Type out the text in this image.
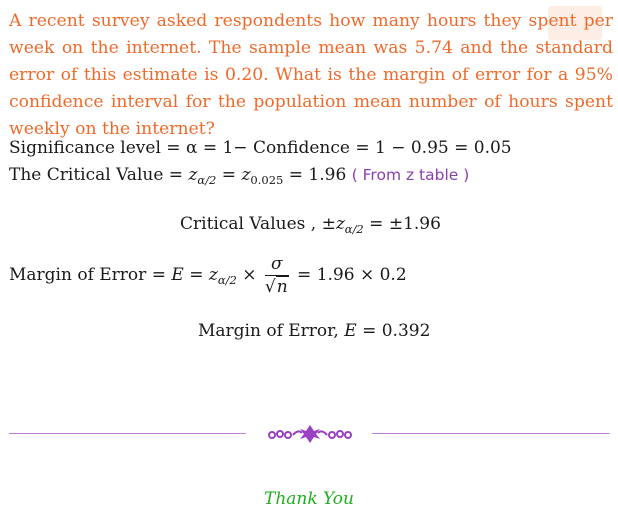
A recent survey asked respondents how many hours they spent per week on the internet. The sample mean was 5.74 and the standard error of this estimate is 0.20. What is the margin of error for a 95% confidence interval for the population mean number of hours spent weekly on the internet?
Significance level = α = 1− Confidence = 1 − 0.95 = 0.05
The Critical Value = $z_{\alpha/2} = z_{0.025} = 1.96$ ( From z table )
Critical Values , $\pm z_{\alpha/2} = \pm 1.96$
Margin of Error = $E = z_{\alpha/2} \times \frac{\sigma}{√n} = 1.96 \times 0.2$
Margin of Error, E = 0.392
Thank You
